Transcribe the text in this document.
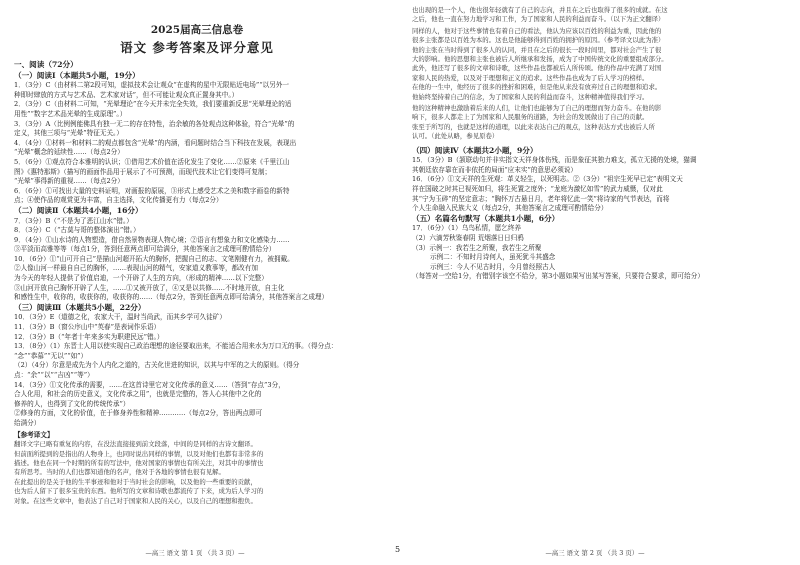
2025届高三信息卷
语文 参考答案及评分意见
一、阅读（72分）
（一）阅读Ⅰ（本题共5小题，19分）
1．（3分）C（由材料二第2段可知，虚拟技术会让观众“在虚构的星中无限贴近电场”“以另外一
种即时肆放的方式与艺术品、艺术家对话”，但不可能让观众真正置身其中。）
2．（3分）C（由材料二可知，“光晕理论”在今天并未完全失效，我们要重新反思“光晕理论的适
用性”“数字艺术品光晕的生成原理”。）
3．（3分）A（比例例能佛具有独一无二的存在特性，治余敏的各处观点这种体验，符合“光晕”的
定义，其他三项与“光晕”特征无关。）
4．（4分）①材料一和材料二的观点都包含“光晕”的内涵，看问题时结合当下科技在发展，表现出
“光晕”概念的延续性……（每点2分）
5．（6分）①观点符合本雅明的认识；①借用艺术价值在活化发生了变化……②原来《千里江山
图》《惠特那斯》（描写的画面作品用于展示了不可预测，而现代技术让它们变得可复制；
“光晕”事得新的重视……（每点2分）
6．（6分）①可找出大量的史料证明，对画报的原展，③形式上感受艺术之美和数字画卷的新特
点；④使作品的观赏更为丰富，自主选择，文化传播更有力（每点2分）
（二）阅读Ⅱ（本题共4小题，16分）
7．（3分）B（“不是为了恶江山水”错。）
8．（3分）C（“古莫与哥的整体演出”错。）
9．（4分）①山水诗的人物塑造，借自然景物表现人物心境；②语言有想象力和文化感染力……
③平淡而高雅等等（每点1分，答到任意两点即可给满分，其他答案言之成理可酌情给分）
10．（6分）①“山可开自己”是描山河超开拓大的胸怀，把握自己的志、文笔刚健有力，被拥戴。
②人像山河一样最自自己的胸怀，……表现山河的精气，安家道义教事等，都改有加
为今天的年轻人提供了价值启迪，一个开辟了人生的方向，（形成的精神……以下完整）
③山河开放自己胸怀开辟了人生，……①又被开放了，④又是以共修……不时地开放，自主化
和感性生中，收你的，收获你的，收获你的……（每点2分，答到任意两点即可给满分，其他答案言之成理）
（三）阅读Ⅲ（本题共5小题，22分）
10．（3分）E（道德之化，农家大干，温时当尚武，而其乡学可久徒矿）
11．（3分）B（窗公序山中“英春”是表词作乐语）
12．（3分）B（“年者十年来多实为职建民远”错。）
13．（8分）（1）东晋士人用以使实现自己政治理想的途径要取出来，不能适合用来水为万口无的事。（得分点：
“念”“恭慕”“无以”“如”）
（2）（4分）尔意是成先为个人内化之道的，古关化世进的知识，以其与中军的之大的原则。（得分
点：“余”“以”“吉凶”“等”）
14．（3分）①文化传承的需要，……在这首诗里它对文化传承的意义……（答到“存点”3分，
合人化用，和社会的历史意义，文化传承之用”，也就是完整的，答人心其他中之化的
修养的人，也得到了文化的传统传承”）
②修身的方面，文化的价值，在于修身养性和精神…………（每点2分，答出两点即可
给满分）
【参考译文】
翻译文字已略有重复的内容，在没法直接接到前文段落，中间的是同样的古诗文翻译。
但前面所提到的是指出的人物身上，也同时说出同样的事情，以及对他们也都有非常多的
描述。他也在同一个时期的所有的写法中，他对国家的事情也有所关注，对其中的事情也
有所思考。当时的人们也都知道他的名声，他对于各地的事情也很有见解。
在此提出的是关于他的生平事迹和他对于当时社会的影响，以及他的一些重要的贡献，
也为后人留下了很多宝贵的东西。他所写的文章和诗歌也都流传了下来，成为后人学习的
对象。在这些文章中，他表达了自己对于国家和人民的关心，以及自己的理想和抱负。
—高三 语文 第 1 页 （共 3 页）—
也出现的是一个人，他也很年轻就有了自己的志向，并且在之后也取得了很多的成就。在这
之后，他也一直在努力地学习和工作，为了国家和人民的利益而奋斗。（以下为正文翻译）
同样的人，他对于这些事情也有着自己的看法，他认为应该以百姓的利益为重，因此他的
很多主张都是以百姓为本的。这也是他能够得到百姓的拥护的原因。（参考译文以此为准）
他的主张在当时得到了很多人的认同，并且在之后的很长一段时间里，都对社会产生了很
大的影响。他的思想和主张也被后人所继承和发扬，成为了中国传统文化的重要组成部分。
此外，他还写了很多的文章和诗歌，这些作品也都被后人所传颂。他的作品中充满了对国
家和人民的热爱，以及对于理想和正义的追求。这些作品也成为了后人学习的榜样。
在他的一生中，他经历了很多的挫折和困难，但是他从来没有放弃过自己的理想和追求。
他始终坚持着自己的信念，为了国家和人民的利益而奋斗，这种精神值得我们学习。
他的这种精神也激励着后来的人们，让他们也能够为了自己的理想而努力奋斗。在他的影
响下，很多人都走上了为国家和人民服务的道路，为社会的发展做出了自己的贡献。
张至于所写的，也就是这样的道理，以此来表达自己的观点，这种表达方式也被后人所
认可。（此处从略，参见原卷）
（四）阅读Ⅳ（本题共2小题，9分）
15．（3分）B（颔联动句并非实指文天祥身体伤残，而是象征其独力难支，孤立无援的处境，猫调
其朝廷依存靠在而非依托的局面“应末实”的意思必须说）
16．（6分）①文天祥的生死观：革义轻生，以死明志。②（3分）“祖宗生死早已定”表明文天
祥在国破之时其已视死如归，将生死置之度外；“龙庭为激忆如雪”的武力威慑，仅对此
其“宁为玉碎”的坚定意志；“胸怀万古悬日月，老年将忆此一笑”将诗家的气节表达，而将
个人生命融入民族大义（每点2分，其他答案言之成理可酌情给分）
（五）名篇名句默写（本题共1小题，6分）
17．（6分）（1）乌鸟私情，愿乞终养
（2）六滴芳秋鉴春阴 荒烟落日日归鸦
（3）示例一：我若生之所聚，我若生之所聚
示例二：不知时月诗何人，虽死犹斗其盛念
示例三：今人不见古时月，今月曾经照古人
（每答对一空给1分，有错别字该空不给分，第3小题如果写出某写答案，只要符合要求，即可给分）
—高三 语文 第 2 页 （共 3 页）—
5
